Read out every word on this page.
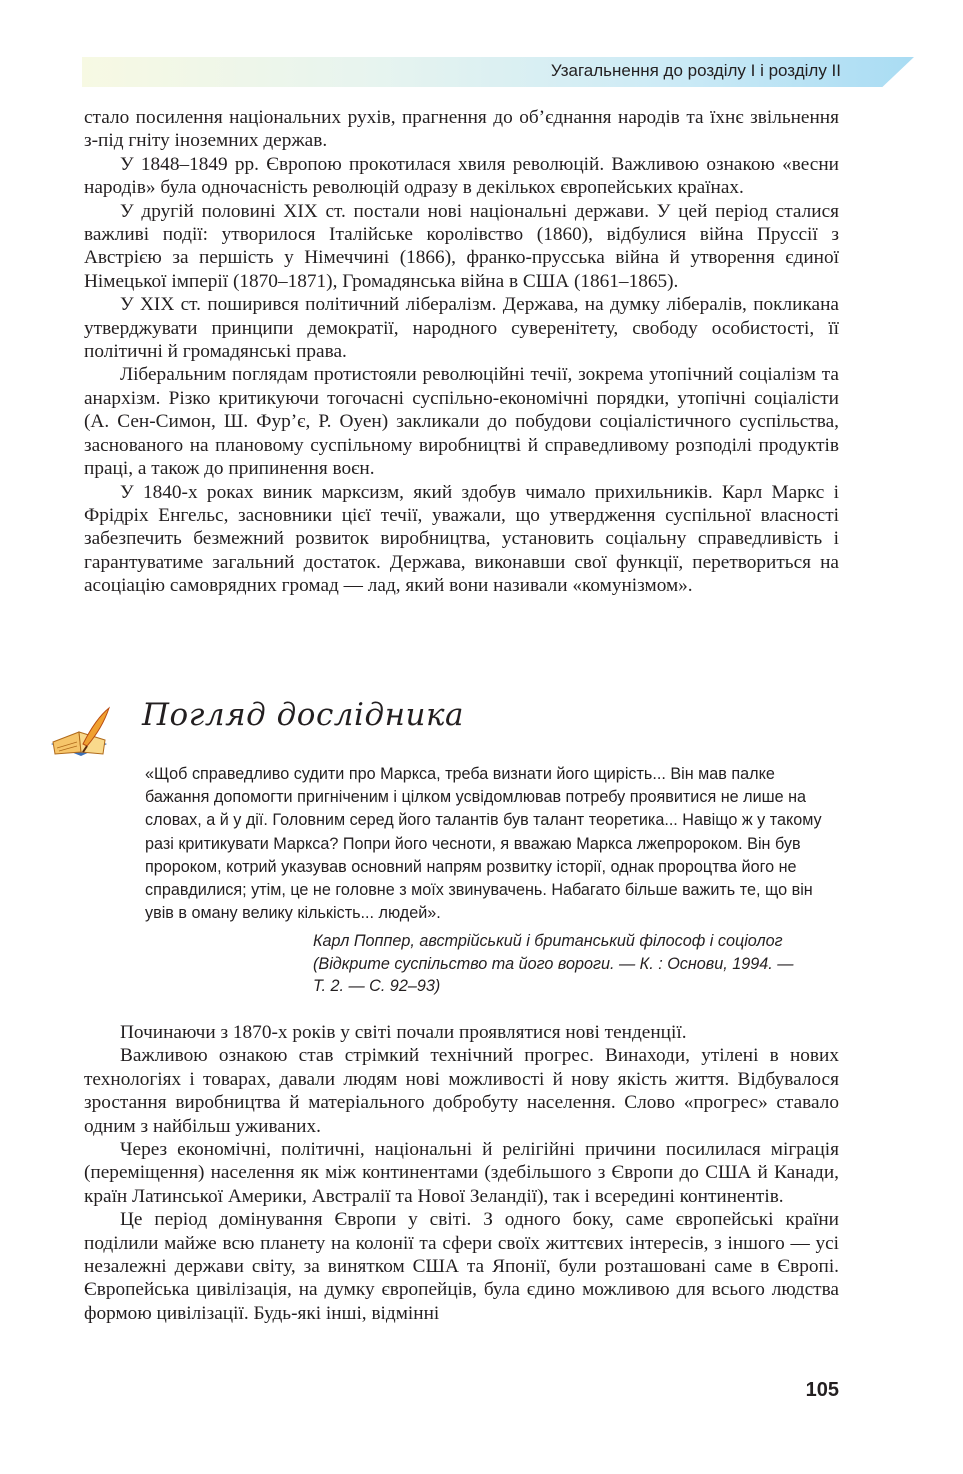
Узагальнення до розділу I і розділу II

стало посилення національних рухів, прагнення до об’єднання народів та їхнє звільнення з-під гніту іноземних держав.

У 1848–1849 рр. Європою прокотилася хвиля революцій. Важливою ознакою «весни народів» була одночасність революцій одразу в декількох європейських країнах.

У другій половині XIX ст. постали нові національні держави. У цей період сталися важливі події: утворилося Італійське королівство (1860), відбулися війна Пруссії з Австрією за першість у Німеччині (1866), франко-прусська війна й утворення єдиної Німецької імперії (1870–1871), Громадянська війна в США (1861–1865).

У XIX ст. поширився політичний лібералізм. Держава, на думку лібералів, покликана утверджувати принципи демократії, народного суверенітету, свободу особистості, її політичні й громадянські права.

Ліберальним поглядам протистояли революційні течії, зокрема утопічний соціалізм та анархізм. Різко критикуючи тогочасні суспільно-економічні порядки, утопічні соціалісти (А. Сен-Симон, Ш. Фур’є, Р. Оуен) закликали до побудови соціалістичного суспільства, заснованого на плановому суспільному виробництві й справедливому розподілі продуктів праці, а також до припинення воєн.

У 1840-х роках виник марксизм, який здобув чимало прихильників. Карл Маркс і Фрідріх Енгельс, засновники цієї течії, уважали, що утвердження суспільної власності забезпечить безмежний розвиток виробництва, установить соціальну справедливість і гарантуватиме загальний достаток. Держава, виконавши свої функції, перетвориться на асоціацію самоврядних громад — лад, який вони називали «комунізмом».

Погляд дослідника

«Щоб справедливо судити про Маркса, треба визнати його щирість... Він мав палке бажання допомогти пригніченим і цілком усвідомлював потребу проявитися не лише на словах, а й у дії. Головним серед його талантів був талант теоретика... Навіщо ж у такому разі критикувати Маркса? Попри його чесноти, я вважаю Маркса лжепророком. Він був пророком, котрий указував основний напрям розвитку історії, однак пророцтва його не справдилися; утім, це не головне з моїх звинувачень. Набагато більше важить те, що він увів в оману велику кількість... людей».

Карл Поппер, австрійський і британський філософ і соціолог
(Відкрите суспільство та його вороги. — К. : Основи, 1994. —
Т. 2. — С. 92–93)

Починаючи з 1870-х років у світі почали проявлятися нові тенденції.

Важливою ознакою став стрімкий технічний прогрес. Винаходи, утілені в нових технологіях і товарах, давали людям нові можливості й нову якість життя. Відбувалося зростання виробництва й матеріального добробуту населення. Слово «прогрес» ставало одним з найбільш уживаних.

Через економічні, політичні, національні й релігійні причини посилилася міграція (переміщення) населення як між континентами (здебільшого з Європи до США й Канади, країн Латинської Америки, Австралії та Нової Зеландії), так і всередині континентів.

Це період домінування Європи у світі. З одного боку, саме європейські країни поділили майже всю планету на колонії та сфери своїх життєвих інтересів, з іншого — усі незалежні держави світу, за винятком США та Японії, були розташовані саме в Європі. Європейська цивілізація, на думку європейців, була єдино можливою для всього людства формою цивілізації. Будь-які інші, відмінні

105
